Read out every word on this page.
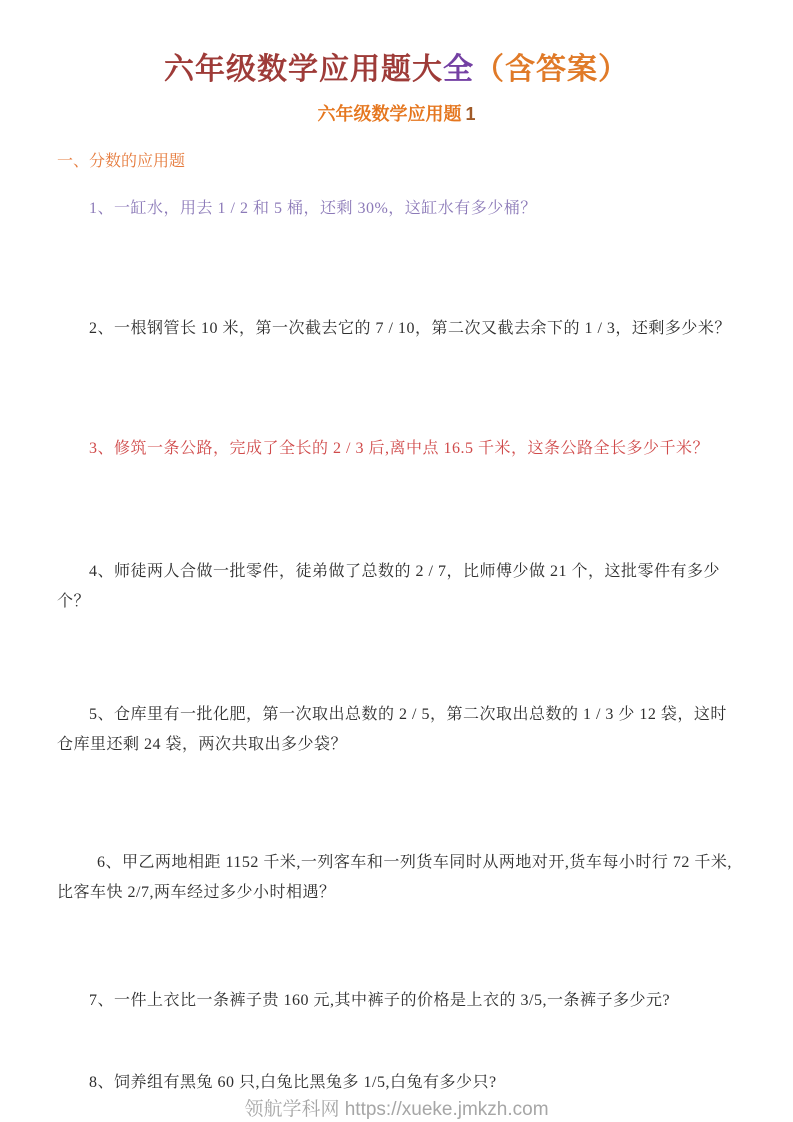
六年级数学应用题大全（含答案）
六年级数学应用题 1
一、分数的应用题

1、一缸水，用去 1 / 2 和 5 桶，还剩 30%，这缸水有多少桶？

2、一根钢管长 10 米，第一次截去它的 7 / 10，第二次又截去余下的 1 / 3，还剩多少米？

3、修筑一条公路，完成了全长的 2 / 3 后,离中点 16.5 千米，这条公路全长多少千米？

4、师徒两人合做一批零件，徒弟做了总数的 2 / 7，比师傅少做 21 个，这批零件有多少个？

5、仓库里有一批化肥，第一次取出总数的 2 / 5，第二次取出总数的 1 / 3 少 12 袋，这时仓库里还剩 24 袋，两次共取出多少袋？

6、甲乙两地相距 1152 千米,一列客车和一列货车同时从两地对开,货车每小时行 72 千米,比客车快 2/7,两车经过多少小时相遇？

7、一件上衣比一条裤子贵 160 元,其中裤子的价格是上衣的 3/5,一条裤子多少元?

8、饲养组有黑兔 60 只,白兔比黑兔多 1/5,白兔有多少只?

领航学科网 https://xueke.jmkzh.com
